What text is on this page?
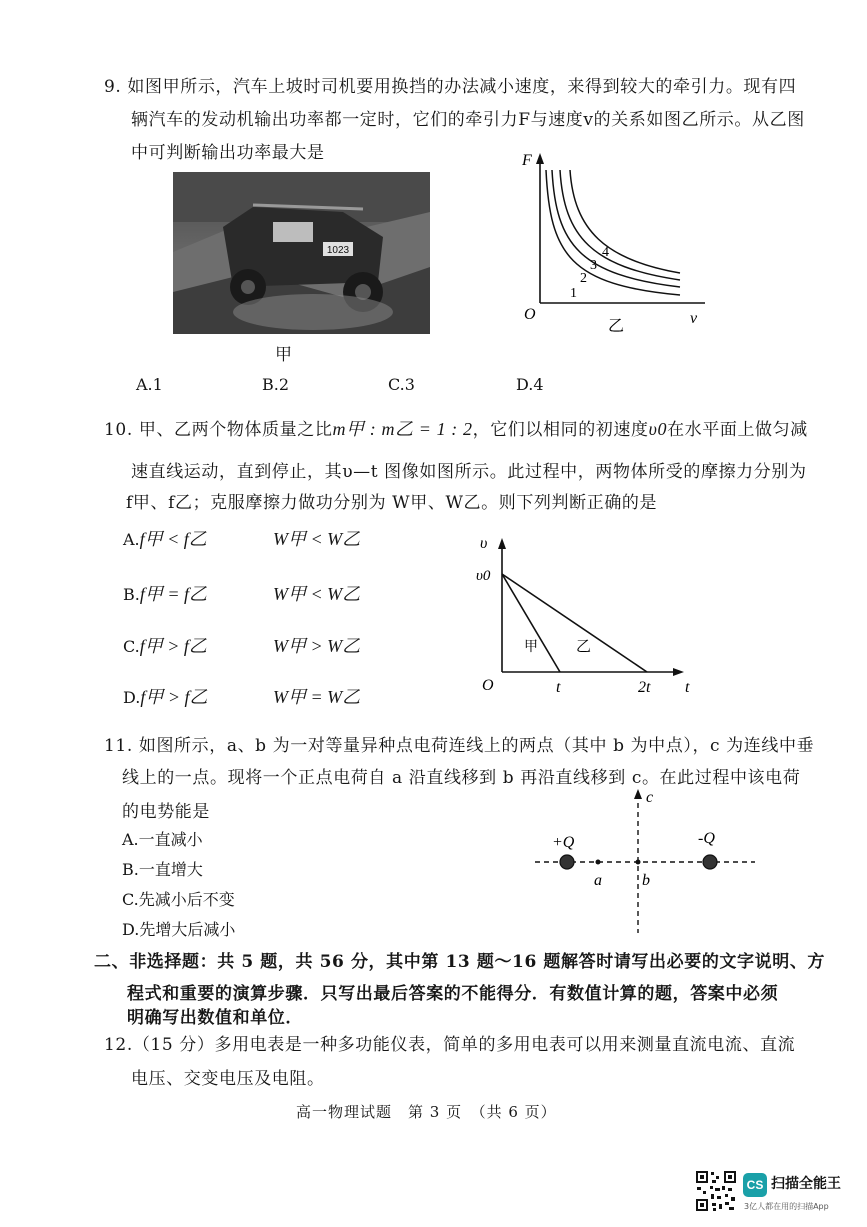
9. 如图甲所示，汽车上坡时司机要用换挡的办法减小速度，来得到较大的牵引力。现有四
辆汽车的发动机输出功率都一定时，它们的牵引力F与速度v的关系如图乙所示。从乙图
中可判断输出功率最大是
1023
甲
F
v
O
乙
1
2
3
4
A.1	B.2	C.3	D.4
10. 甲、乙两个物体质量之比m甲 : m乙 = 1 : 2，它们以相同的初速度υ0在水平面上做匀减
速直线运动，直到停止，其υ—t 图像如图所示。此过程中，两物体所受的摩擦力分别为
f甲、f乙；克服摩擦力做功分别为 W甲、W乙。则下列判断正确的是
A.f甲 < f乙	W甲 < W乙
B.f甲 = f乙	W甲 < W乙
C.f甲 > f乙	W甲 > W乙
D.f甲 > f乙	W甲 = W乙
υ
υ0
O	t	2t t
甲	乙
11. 如图所示，a、b 为一对等量异种点电荷连线上的两点（其中 b 为中点），c 为连线中垂
线上的一点。现将一个正点电荷自 a 沿直线移到 b 再沿直线移到 c。在此过程中该电荷
的电势能是
A.一直减小
B.一直增大
C.先减小后不变
D.先增大后减小
+Q	-Q
a	b
c
二、非选择题：共 5 题，共 56 分，其中第 13 题～16 题解答时请写出必要的文字说明、方
程式和重要的演算步骤．只写出最后答案的不能得分．有数值计算的题，答案中必须
明确写出数值和单位．
12.（15 分）多用电表是一种多功能仪表，简单的多用电表可以用来测量直流电流、直流
电压、交变电压及电阻。
高一物理试题　第 3 页　（共 6 页）
CS 扫描全能王
3亿人都在用的扫描App
